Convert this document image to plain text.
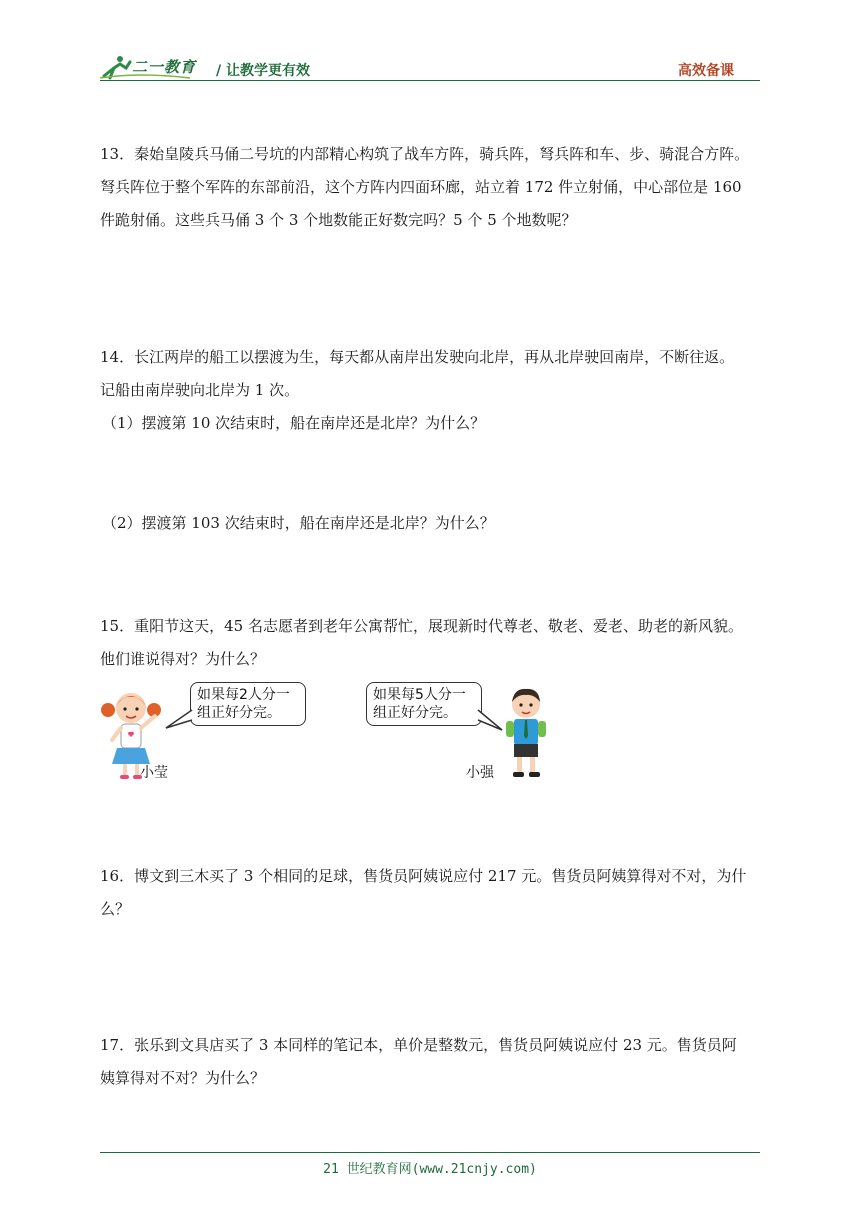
二一教育 / 让教学更有效	高效备课

13．秦始皇陵兵马俑二号坑的内部精心构筑了战车方阵，骑兵阵，弩兵阵和车、步、骑混合方阵。

弩兵阵位于整个军阵的东部前沿，这个方阵内四面环廊，站立着 172 件立射俑，中心部位是 160

件跪射俑。这些兵马俑 3 个 3 个地数能正好数完吗？5 个 5 个地数呢？

14．长江两岸的船工以摆渡为生，每天都从南岸出发驶向北岸，再从北岸驶回南岸，不断往返。

记船由南岸驶向北岸为 1 次。

（1）摆渡第 10 次结束时，船在南岸还是北岸？为什么？
（2）摆渡第 103 次结束时，船在南岸还是北岸？为什么？

15．重阳节这天，45 名志愿者到老年公寓帮忙，展现新时代尊老、敬老、爱老、助老的新风貌。

他们谁说得对？为什么？

如果每2人分一
组正好分完。
小莹
如果每5人分一
组正好分完。
小强

16．博文到三木买了 3 个相同的足球，售货员阿姨说应付 217 元。售货员阿姨算得对不对，为什

么？

17．张乐到文具店买了 3 本同样的笔记本，单价是整数元，售货员阿姨说应付 23 元。售货员阿

姨算得对不对？为什么？

21 世纪教育网(www.21cnjy.com)
